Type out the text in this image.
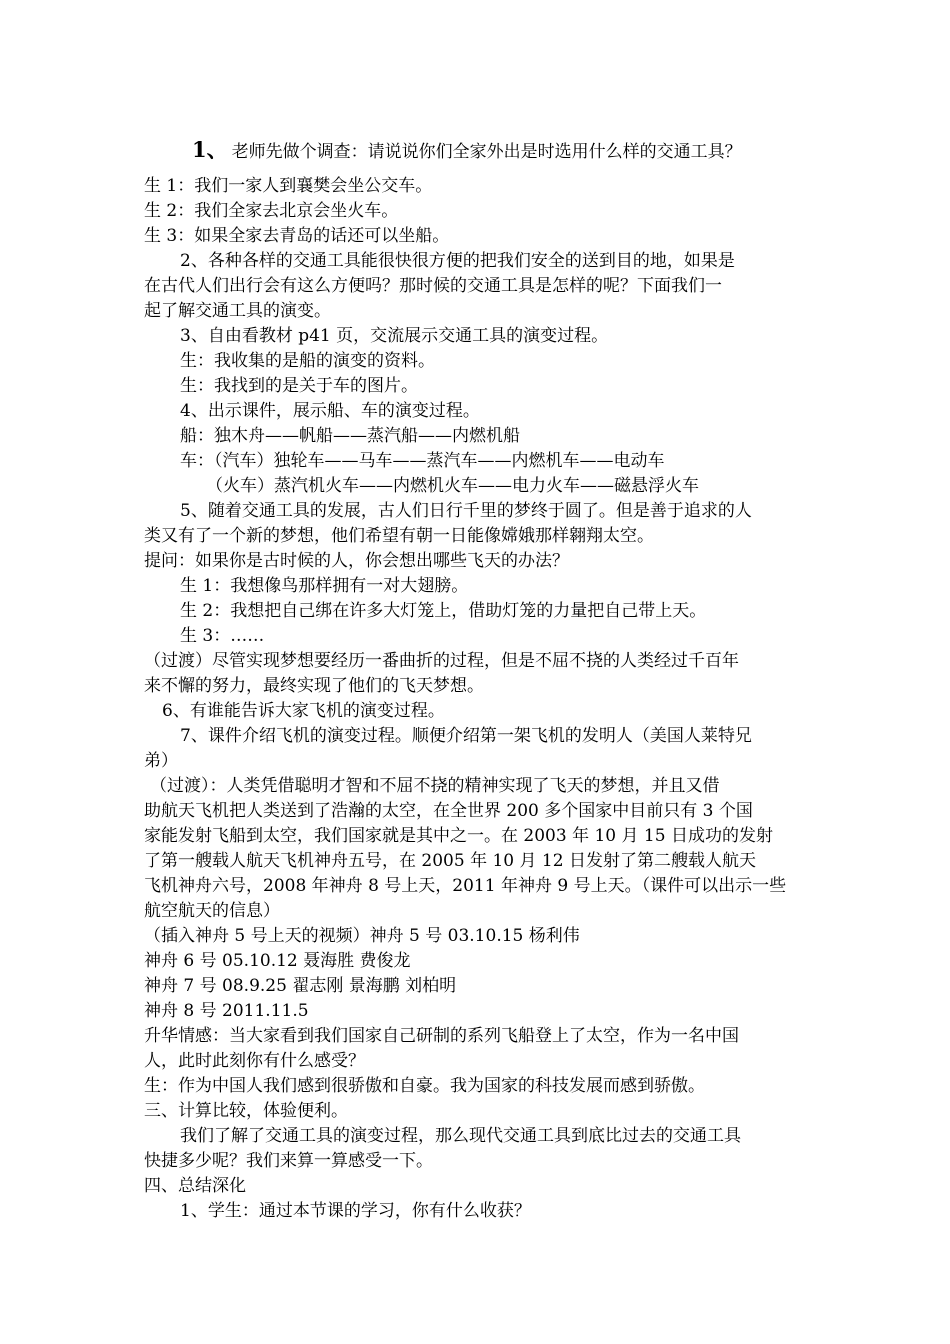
1、 老师先做个调查：请说说你们全家外出是时选用什么样的交通工具？
生 1：我们一家人到襄樊会坐公交车。
生 2：我们全家去北京会坐火车。
生 3：如果全家去青岛的话还可以坐船。
2、各种各样的交通工具能很快很方便的把我们安全的送到目的地，如果是
在古代人们出行会有这么方便吗？那时候的交通工具是怎样的呢？下面我们一
起了解交通工具的演变。
3、自由看教材 p41 页，交流展示交通工具的演变过程。
生：我收集的是船的演变的资料。
生：我找到的是关于车的图片。
4、出示课件，展示船、车的演变过程。
船：独木舟——帆船——蒸汽船——内燃机船
车：（汽车）独轮车——马车——蒸汽车——内燃机车——电动车
（火车）蒸汽机火车——内燃机火车——电力火车——磁悬浮火车
5、随着交通工具的发展，古人们日行千里的梦终于圆了。但是善于追求的人
类又有了一个新的梦想，他们希望有朝一日能像嫦娥那样翱翔太空。
提问：如果你是古时候的人，你会想出哪些飞天的办法？
生 1：我想像鸟那样拥有一对大翅膀。
生 2：我想把自己绑在许多大灯笼上，借助灯笼的力量把自己带上天。
生 3：……
（过渡）尽管实现梦想要经历一番曲折的过程，但是不屈不挠的人类经过千百年
来不懈的努力，最终实现了他们的飞天梦想。
6、有谁能告诉大家飞机的演变过程。
7、课件介绍飞机的演变过程。顺便介绍第一架飞机的发明人（美国人莱特兄
弟）
（过渡）：人类凭借聪明才智和不屈不挠的精神实现了飞天的梦想，并且又借
助航天飞机把人类送到了浩瀚的太空，在全世界 200 多个国家中目前只有 3 个国
家能发射飞船到太空，我们国家就是其中之一。在 2003 年 10 月 15 日成功的发射
了第一艘载人航天飞机神舟五号，在 2005 年 10 月 12 日发射了第二艘载人航天
飞机神舟六号，2008 年神舟 8 号上天，2011 年神舟 9 号上天。（课件可以出示一些
航空航天的信息）
（插入神舟 5 号上天的视频）神舟 5 号 03.10.15 杨利伟
神舟 6 号 05.10.12 聂海胜 费俊龙
神舟 7 号 08.9.25 翟志刚 景海鹏 刘柏明
神舟 8 号 2011.11.5
升华情感：当大家看到我们国家自己研制的系列飞船登上了太空，作为一名中国
人，此时此刻你有什么感受？
生：作为中国人我们感到很骄傲和自豪。我为国家的科技发展而感到骄傲。
三、计算比较，体验便利。
我们了解了交通工具的演变过程，那么现代交通工具到底比过去的交通工具
快捷多少呢？我们来算一算感受一下。
四、总结深化
1、学生：通过本节课的学习，你有什么收获？
